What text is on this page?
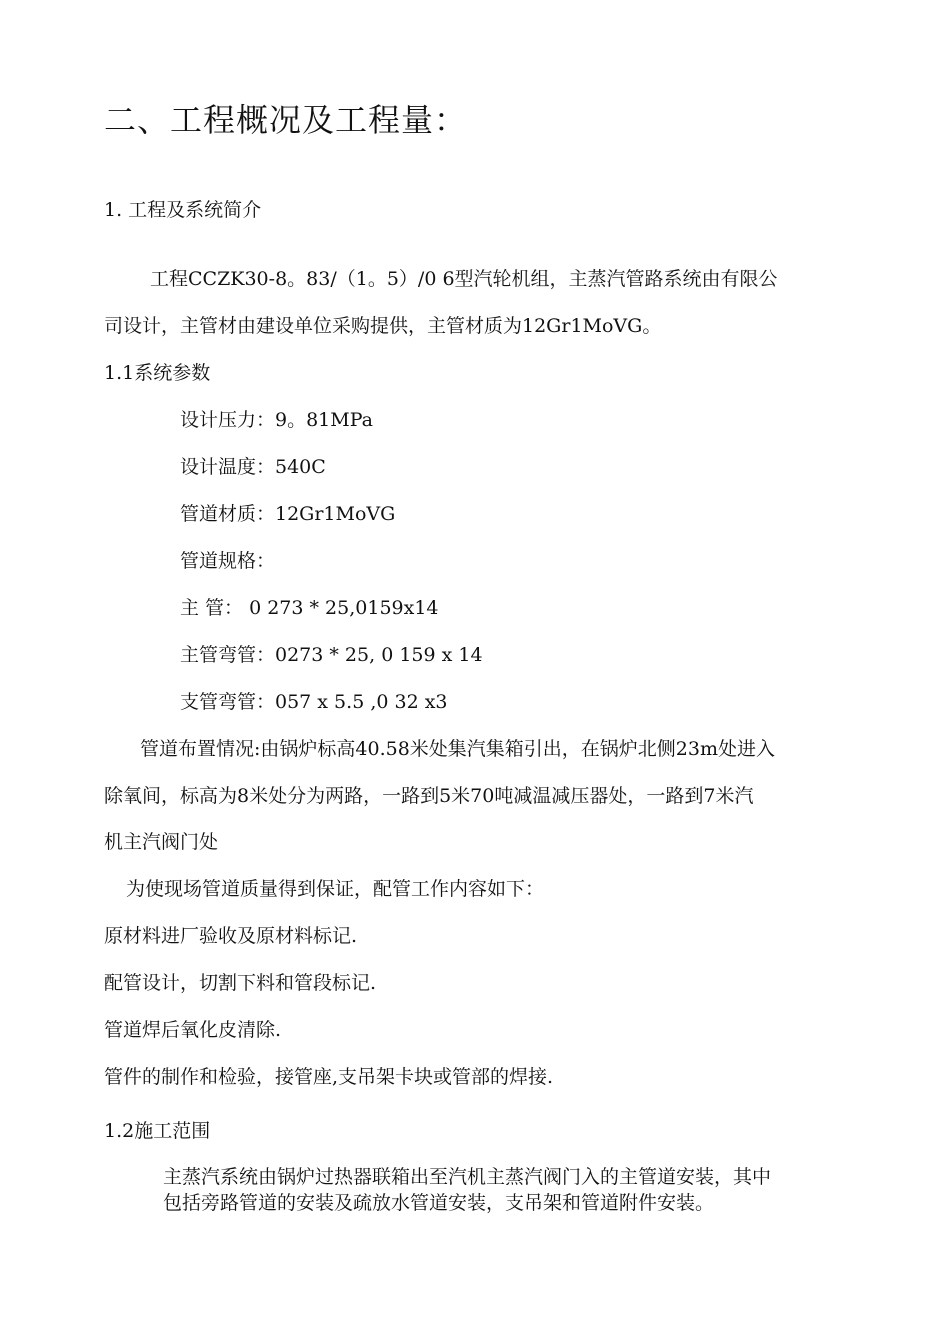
二、工程概况及工程量：
1. 工程及系统简介
工程CCZK30-8。83/（1。5）/0 6型汽轮机组，主蒸汽管路系统由有限公
司设计，主管材由建设单位采购提供，主管材质为12Gr1MoVG。
1.1系统参数
设计压力：9。81MPa
设计温度：540C
管道材质：12Gr1MoVG
管道规格：
主 管： 0 273 * 25,0159x14
主管弯管：0273 * 25, 0 159 x 14
支管弯管：057 x 5.5 ,0 32 x3
管道布置情况:由锅炉标高40.58米处集汽集箱引出，在锅炉北侧23m处进入
除氧间，标高为8米处分为两路，一路到5米70吨减温减压器处，一路到7米汽
机主汽阀门处
为使现场管道质量得到保证，配管工作内容如下：
原材料进厂验收及原材料标记.
配管设计，切割下料和管段标记.
管道焊后氧化皮清除.
管件的制作和检验，接管座,支吊架卡块或管部的焊接.
1.2施工范围
主蒸汽系统由锅炉过热器联箱出至汽机主蒸汽阀门入的主管道安装，其中
包括旁路管道的安装及疏放水管道安装，支吊架和管道附件安装。
